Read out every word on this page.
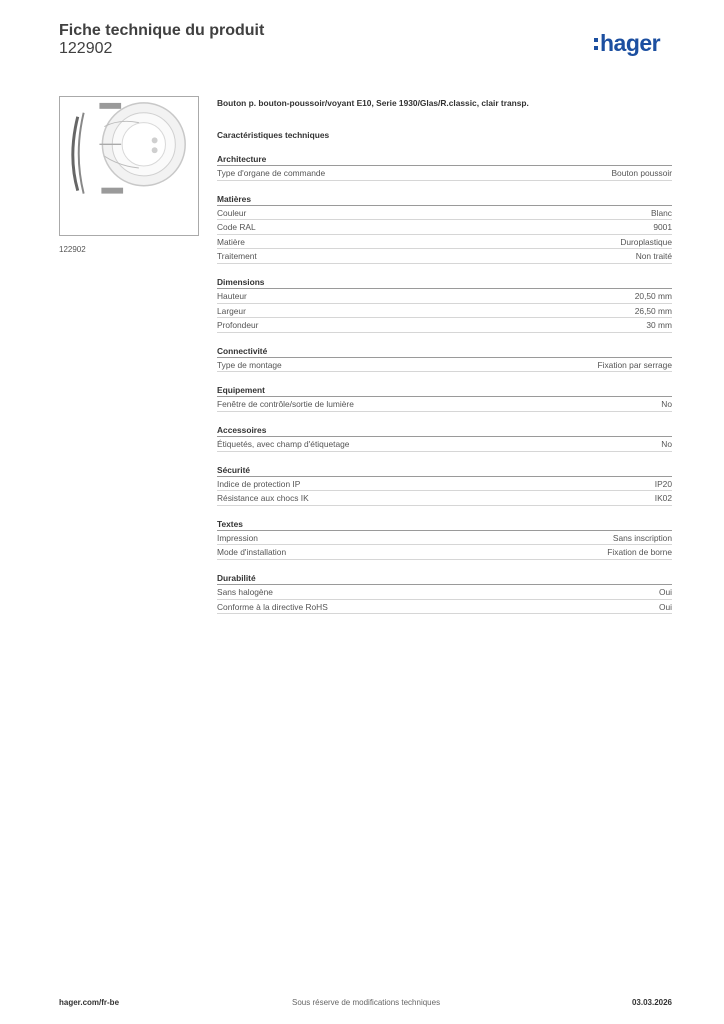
Fiche technique du produit
122902	hager
122902
Bouton p. bouton-poussoir/voyant E10, Serie 1930/Glas/R.classic, clair transp.
Caractéristiques techniques
Architecture
Type d'organe de commande	Bouton poussoir
Matières
Couleur	Blanc
Code RAL	9001
Matière	Duroplastique
Traitement	Non traité
Dimensions
Hauteur	20,50 mm
Largeur	26,50 mm
Profondeur	30 mm
Connectivité
Type de montage	Fixation par serrage
Equipement
Fenêtre de contrôle/sortie de lumière	No
Accessoires
Étiquetés, avec champ d'étiquetage	No
Sécurité
Indice de protection IP	IP20
Résistance aux chocs IK	IK02
Textes
Impression	Sans inscription
Mode d'installation	Fixation de borne
Durabilité
Sans halogène	Oui
Conforme à la directive RoHS	Oui
hager.com/fr-be	Sous réserve de modifications techniques	03.03.2026
